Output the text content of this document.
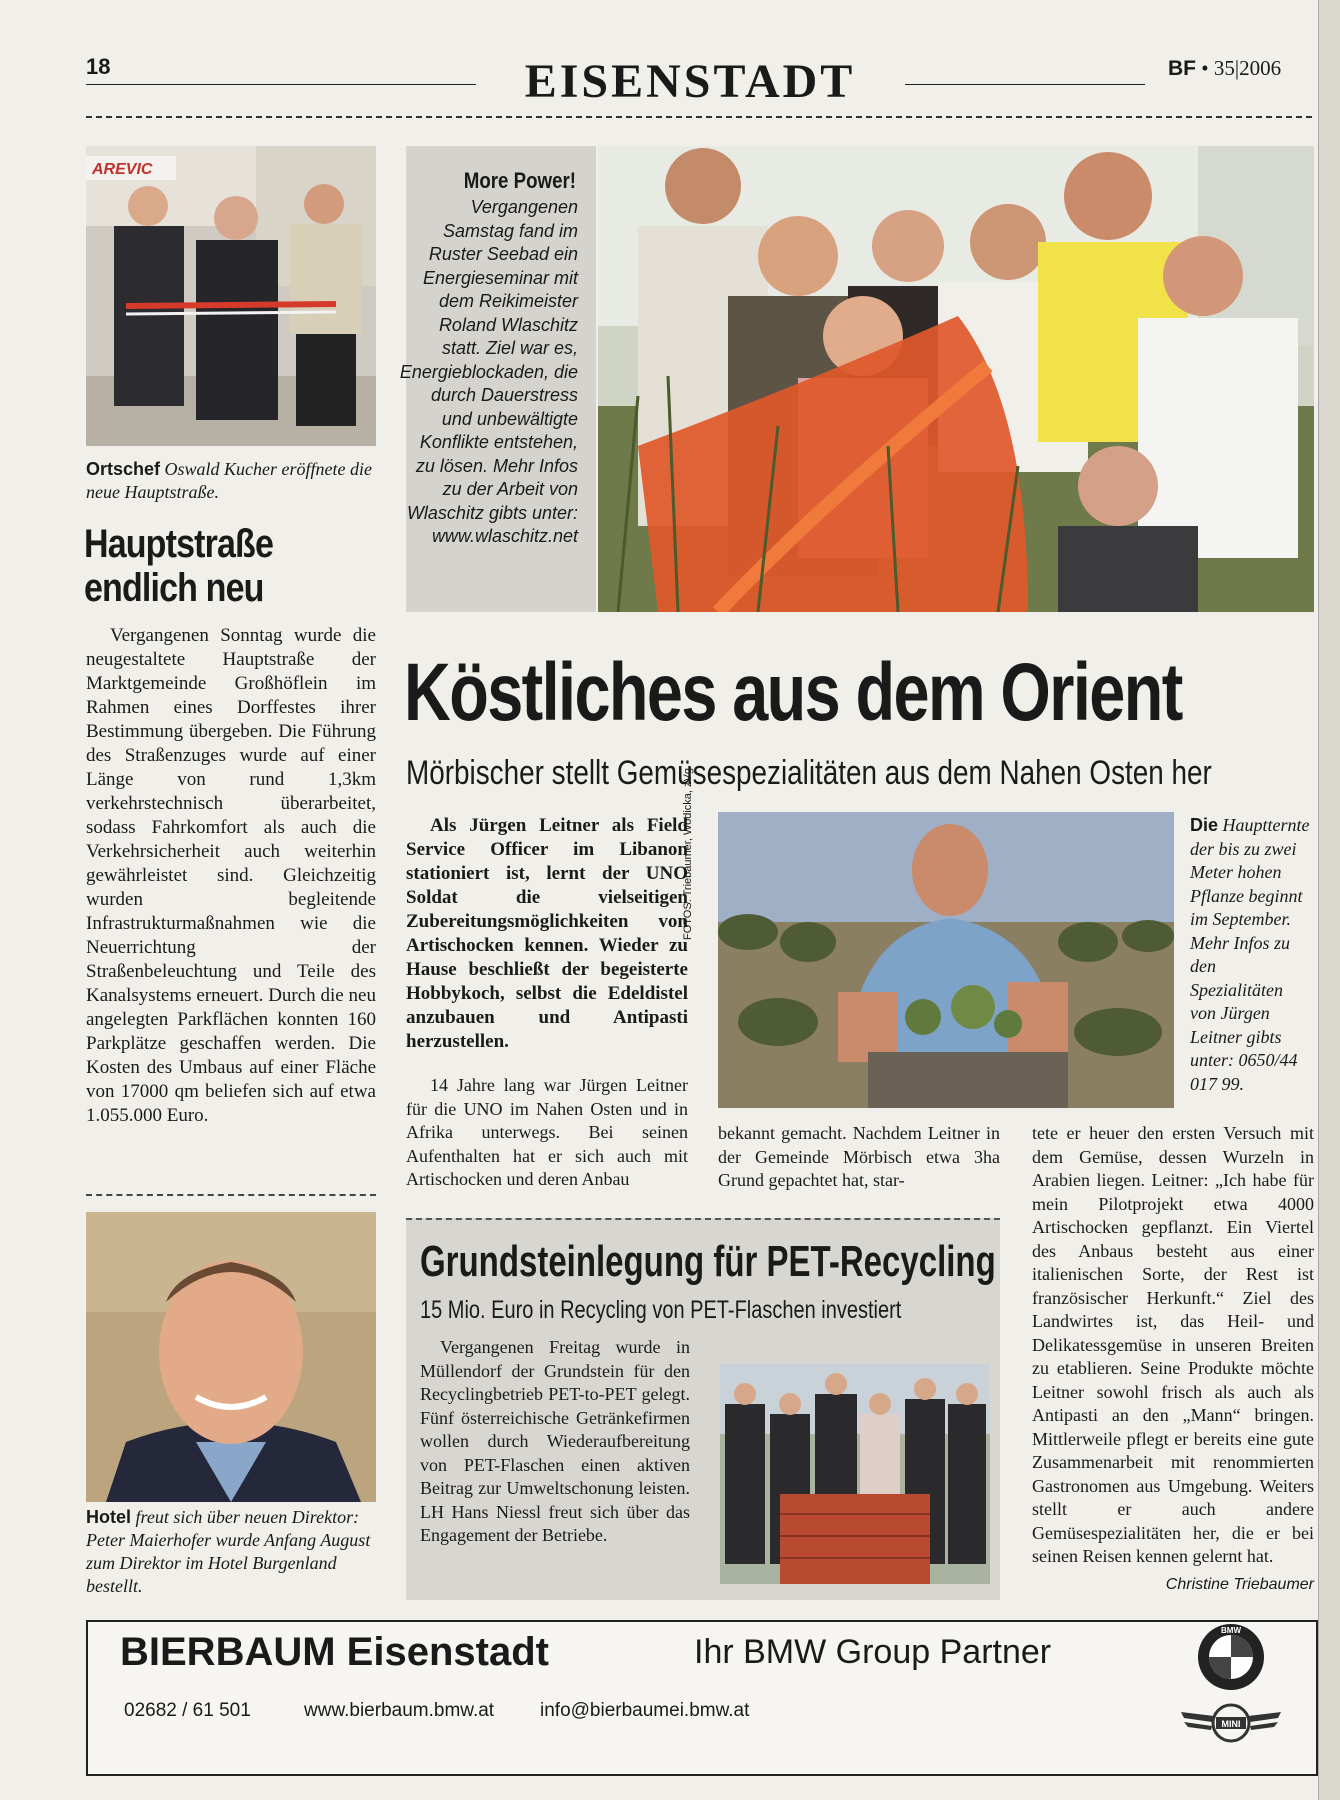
18	EISENSTADT	BF • 35|2006
AREVIC
Ortschef Oswald Kucher eröffnete die neue Hauptstraße.
Hauptstraße endlich neu
Vergangenen Sonntag wurde die neugestaltete Hauptstraße der Marktgemeinde Großhöflein im Rahmen eines Dorffestes ihrer Bestimmung übergeben. Die Führung des Straßenzuges wurde auf einer Länge von rund 1,3km verkehrstechnisch überarbeitet, sodass Fahrkomfort als auch die Verkehrsicherheit auch weiterhin gewährleistet sind. Gleichzeitig wurden begleitende Infrastrukturmaßnahmen wie die Neuerrichtung der Straßenbeleuchtung und Teile des Kanalsystems erneuert. Durch die neu angelegten Parkflächen konnten 160 Parkplätze geschaffen werden. Die Kosten des Umbaus auf einer Fläche von 17000 qm beliefen sich auf etwa 1.055.000 Euro.
Hotel freut sich über neuen Direktor: Peter Maierhofer wurde Anfang August zum Direktor im Hotel Burgenland bestellt.
More Power!
Vergangenen Samstag fand im Ruster Seebad ein Energieseminar mit dem Reikimeister Roland Wlaschitz statt. Ziel war es, Energieblockaden, die durch Dauerstress und unbewältigte Konflikte entstehen, zu lösen. Mehr Infos zu der Arbeit von Wlaschitz gibts unter: www.wlaschitz.net
Köstliches aus dem Orient
Mörbischer stellt Gemüsespezialitäten aus dem Nahen Osten her
Als Jürgen Leitner als Field Service Officer im Libanon stationiert ist, lernt der UNO Soldat die vielseitigen Zubereitungsmöglichkeiten von Artischocken kennen. Wieder zu Hause beschließt der begeisterte Hobbykoch, selbst die Edeldistel anzubauen und Antipasti herzustellen.
14 Jahre lang war Jürgen Leitner für die UNO im Nahen Osten und in Afrika unterwegs. Bei seinen Aufenthalten hat er sich auch mit Artischocken und deren Anbau
FOTOS: Triebaumer, Wodicka, zVg	Die Hauptternte der bis zu zwei Meter hohen Pflanze beginnt im September. Mehr Infos zu den Spezialitäten von Jürgen Leitner gibts unter: 0650/44 017 99.
bekannt gemacht. Nachdem Leitner in der Gemeinde Mörbisch etwa 3ha Grund gepachtet hat, star-
tete er heuer den ersten Versuch mit dem Gemüse, dessen Wurzeln in Arabien liegen. Leitner: „Ich habe für mein Pilotprojekt etwa 4000 Artischocken gepflanzt. Ein Viertel des Anbaus besteht aus einer italienischen Sorte, der Rest ist französischer Herkunft.“ Ziel des Landwirtes ist, das Heil- und Delikatessgemüse in unseren Breiten zu etablieren. Seine Produkte möchte Leitner sowohl frisch als auch als Antipasti an den „Mann“ bringen. Mittlerweile pflegt er bereits eine gute Zusammenarbeit mit renommierten Gastronomen aus Umgebung. Weiters stellt er auch andere Gemüsespezialitäten her, die er bei seinen Reisen kennen gelernt hat.
Christine Triebaumer
Grundsteinlegung für PET-Recycling
15 Mio. Euro in Recycling von PET-Flaschen investiert
Vergangenen Freitag wurde in Müllendorf der Grundstein für den Recyclingbetrieb PET-to-PET gelegt. Fünf österreichische Getränkefirmen wollen durch Wiederaufbereitung von PET-Flaschen einen aktiven Beitrag zur Umweltschonung leisten. LH Hans Niessl freut sich über das Engagement der Betriebe.
BIERBAUM Eisenstadt	Ihr BMW Group Partner
02682 / 61 501	www.bierbaum.bmw.at info@bierbaumei.bmw.at
BMW
MINI
